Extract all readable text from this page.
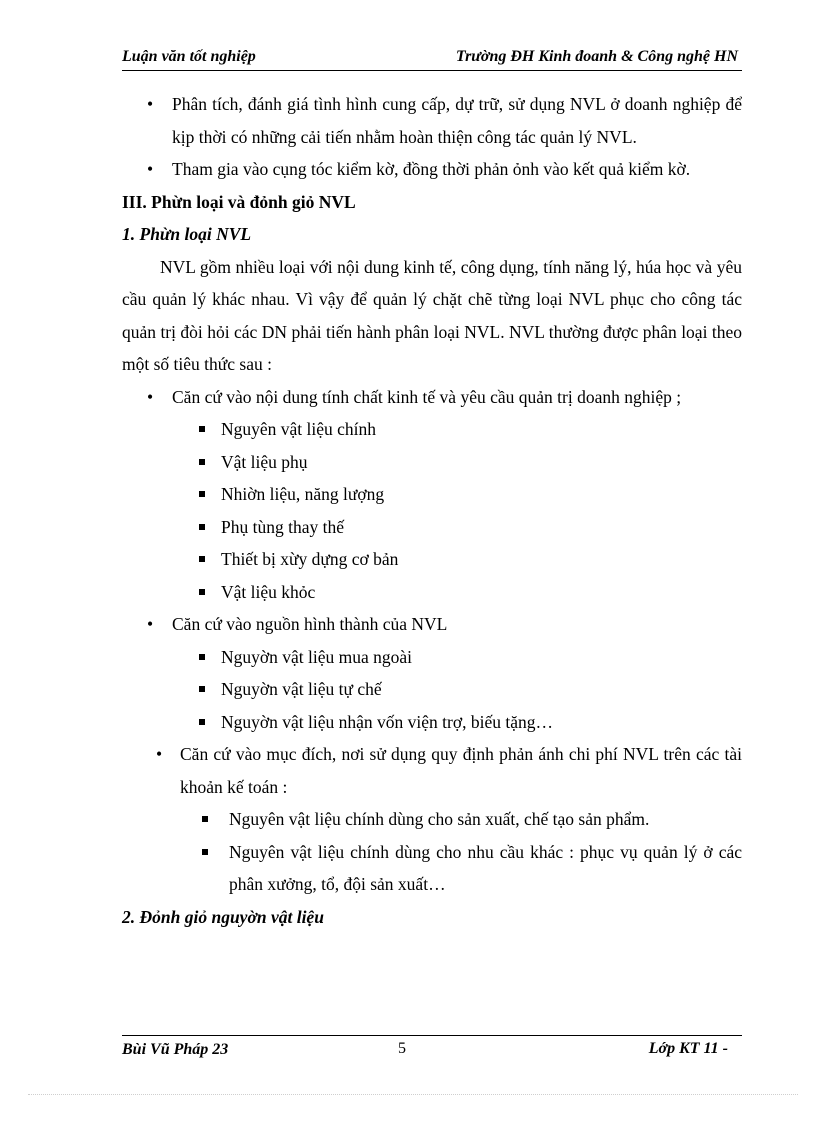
Luận văn tốt nghiệp	Trường ĐH Kinh đoanh & Công nghệ HN
• Phân tích, đánh giá tình hình cung cấp, dự trữ, sử dụng NVL ở doanh nghiệp để kịp thời có những cải tiến nhằm hoàn thiện công tác quản lý NVL.
• Tham gia vào cụng tóc kiểm kờ, đồng thời phản ỏnh vào kết quả kiểm kờ.
III. Phừn loại và đỏnh giỏ NVL
1. Phừn loại NVL
NVL gồm nhiều loại với nội dung kinh tế, công dụng, tính năng lý, húa học và yêu cầu quản lý khác nhau. Vì vậy để quản lý chặt chẽ từng loại NVL phục cho công tác quản trị đòi hỏi các DN phải tiến hành phân loại NVL. NVL thường được phân loại theo một số tiêu thức sau :
• Căn cứ vào nội dung tính chất kinh tế và yêu cầu quản trị doanh nghiệp ;
Nguyên vật liệu chính
Vật liệu phụ
Nhiờn liệu, năng lượng
Phụ tùng thay thế
Thiết bị xừy dựng cơ bản
Vật liệu khỏc
• Căn cứ vào nguồn hình thành của NVL
Nguyờn vật liệu mua ngoài
Nguyờn vật liệu tự chế
Nguyờn vật liệu nhận vốn viện trợ, biếu tặng…
• Căn cứ vào mục đích, nơi sử dụng quy định phản ánh chi phí NVL trên các tài khoản kế toán :
Nguyên vật liệu chính dùng cho sản xuất, chế tạo sản phẩm.
Nguyên vật liệu chính dùng cho nhu cầu khác : phục vụ quản lý ở các phân xưởng, tổ, đội sản xuất…
2. Đỏnh giỏ nguyờn vật liệu
Bùi Vũ Pháp 23	5	Lớp KT 11 -
